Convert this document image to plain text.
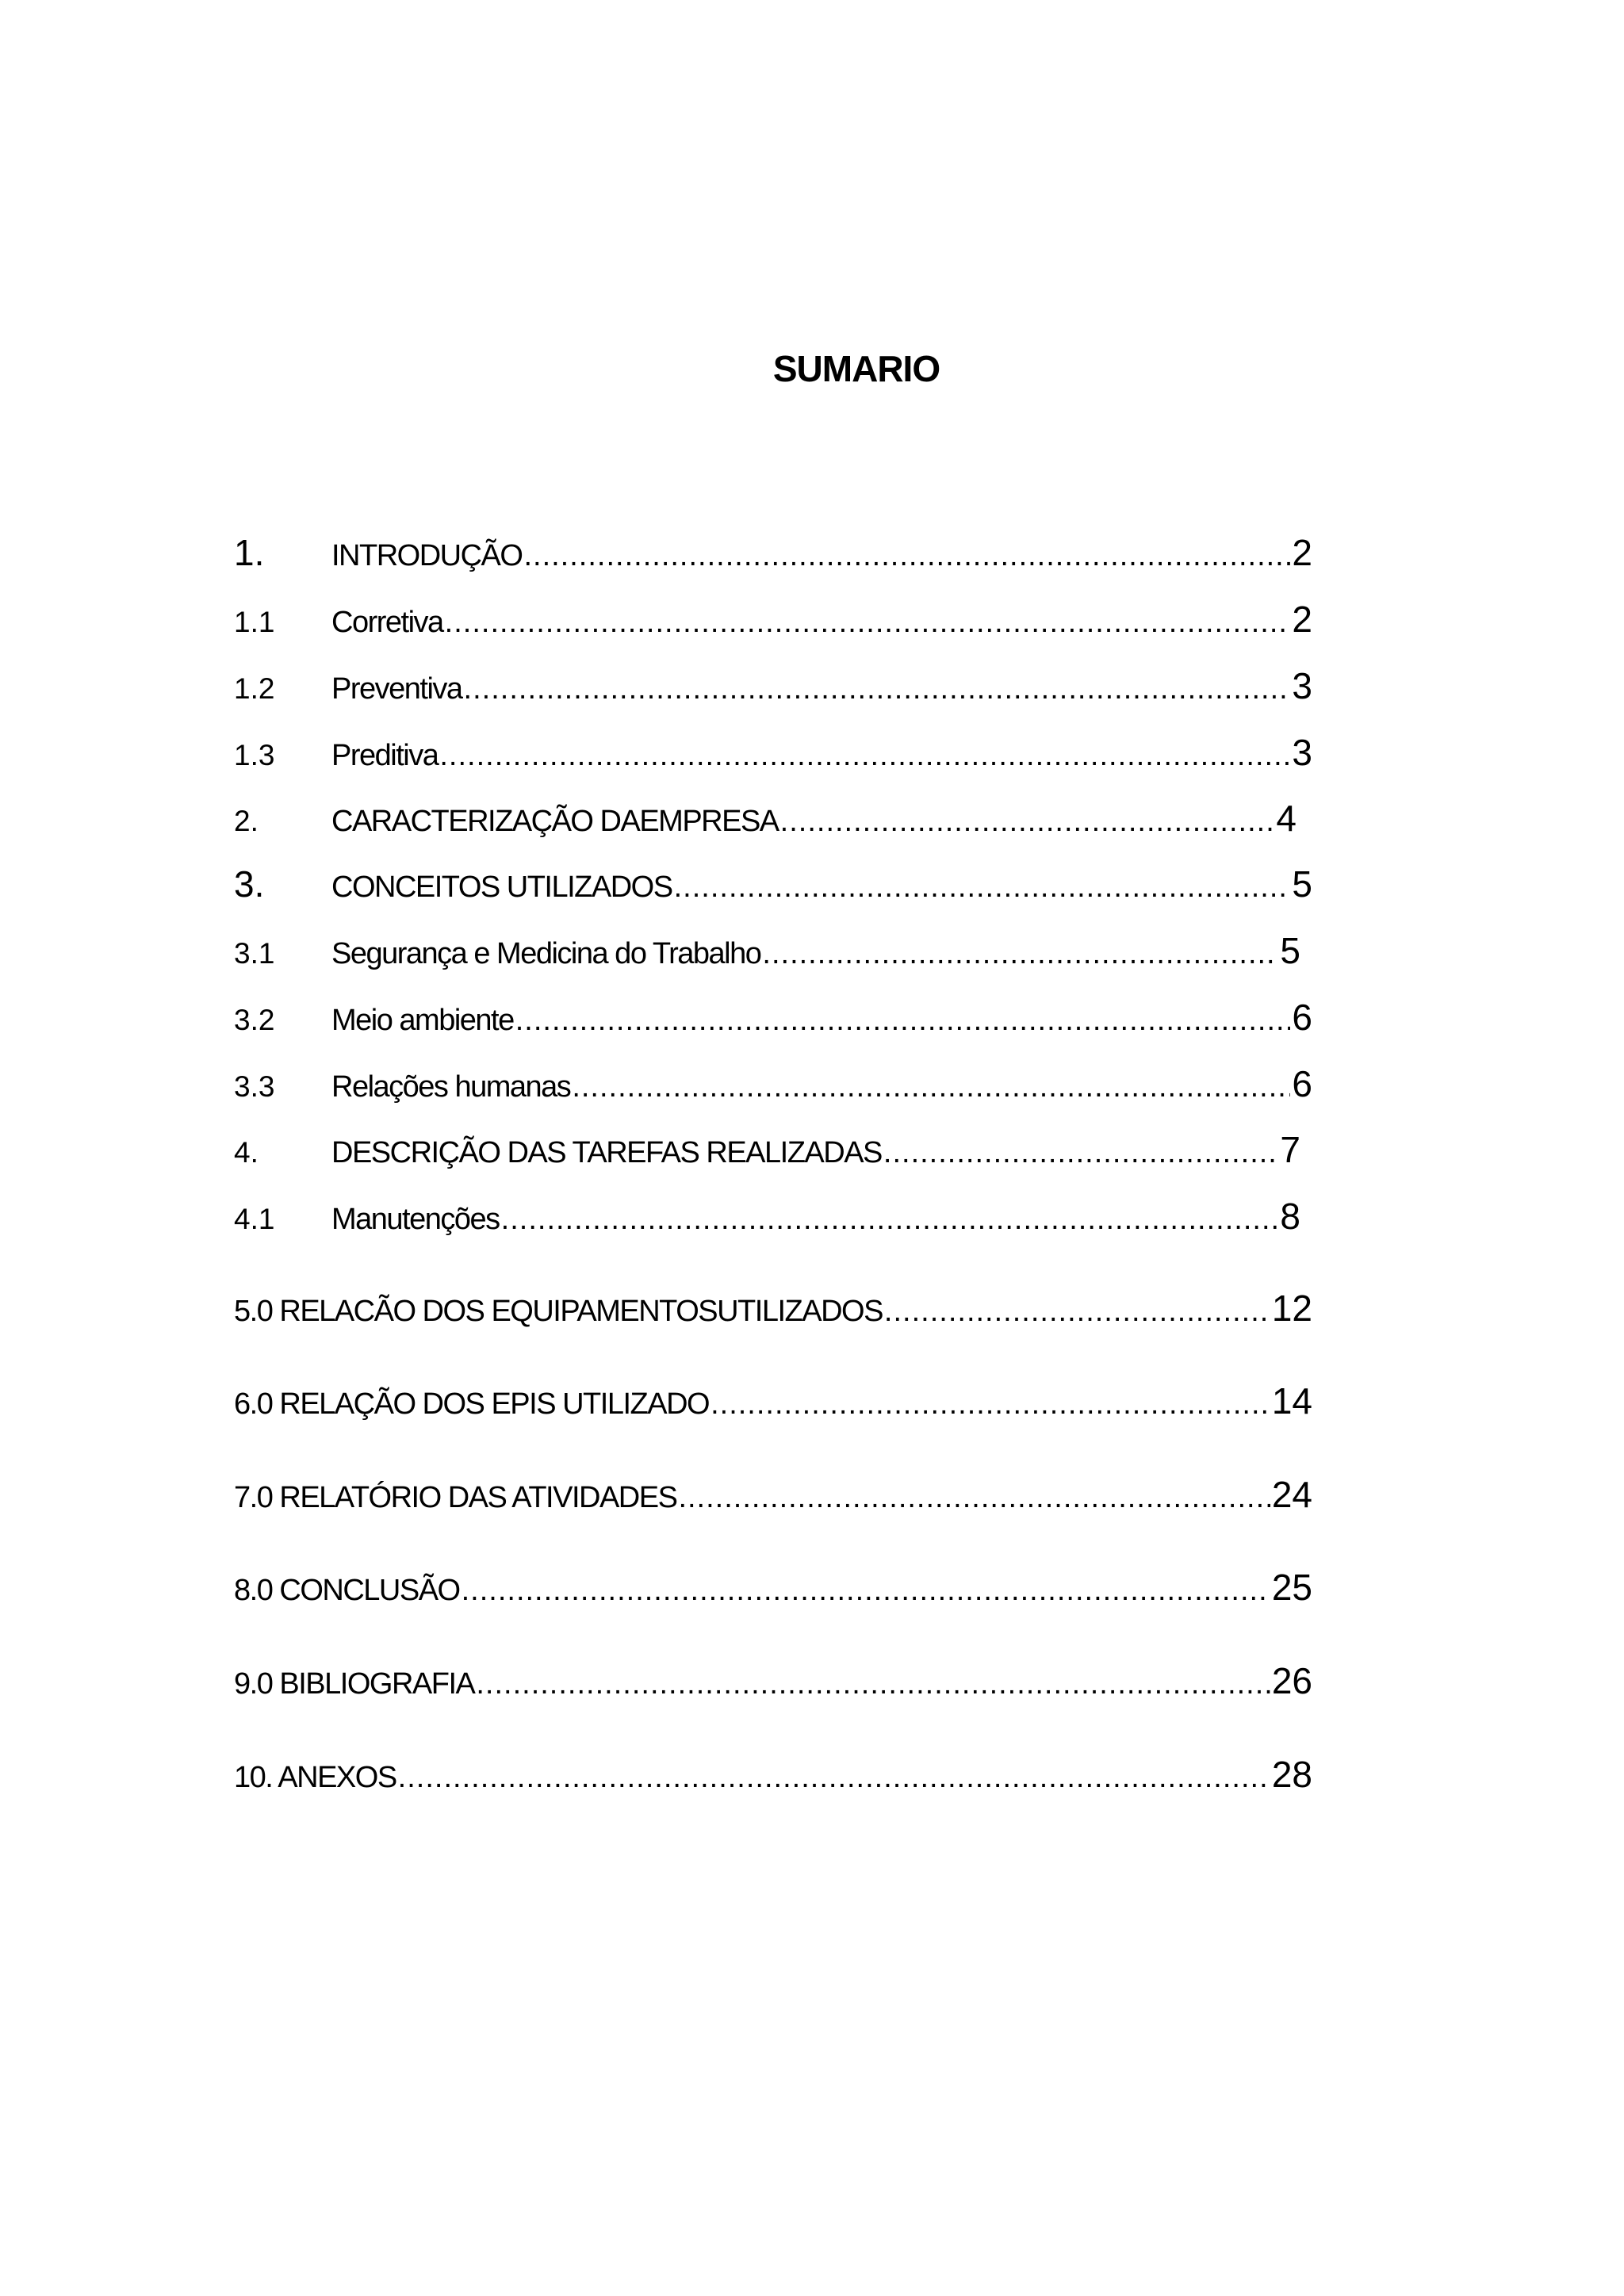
SUMARIO
1.	INTRODUÇÃO .....	2
1.1	Corretiva .....	2
1.2	Preventiva .....	3
1.3	Preditiva .....	3
2.	CARACTERIZAÇÃO DAEMPRESA .....	4
3.	CONCEITOS UTILIZADOS .....	5
3.1	Segurança e Medicina do Trabalho .....	5
3.2	Meio ambiente .....	6
3.3	Relações humanas .....	6
4.	DESCRIÇÃO DAS TAREFAS REALIZADAS .....	7
4.1	Manutenções .....	8
5.0 RELACÃO DOS EQUIPAMENTOSUTILIZADOS .....	12
6.0 RELAÇÃO DOS EPIS UTILIZADO .....	14
7.0 RELATÓRIO DAS ATIVIDADES .....	24
8.0 CONCLUSÃO .....	25
9.0 BIBLIOGRAFIA .....	26
10. ANEXOS .....	28
